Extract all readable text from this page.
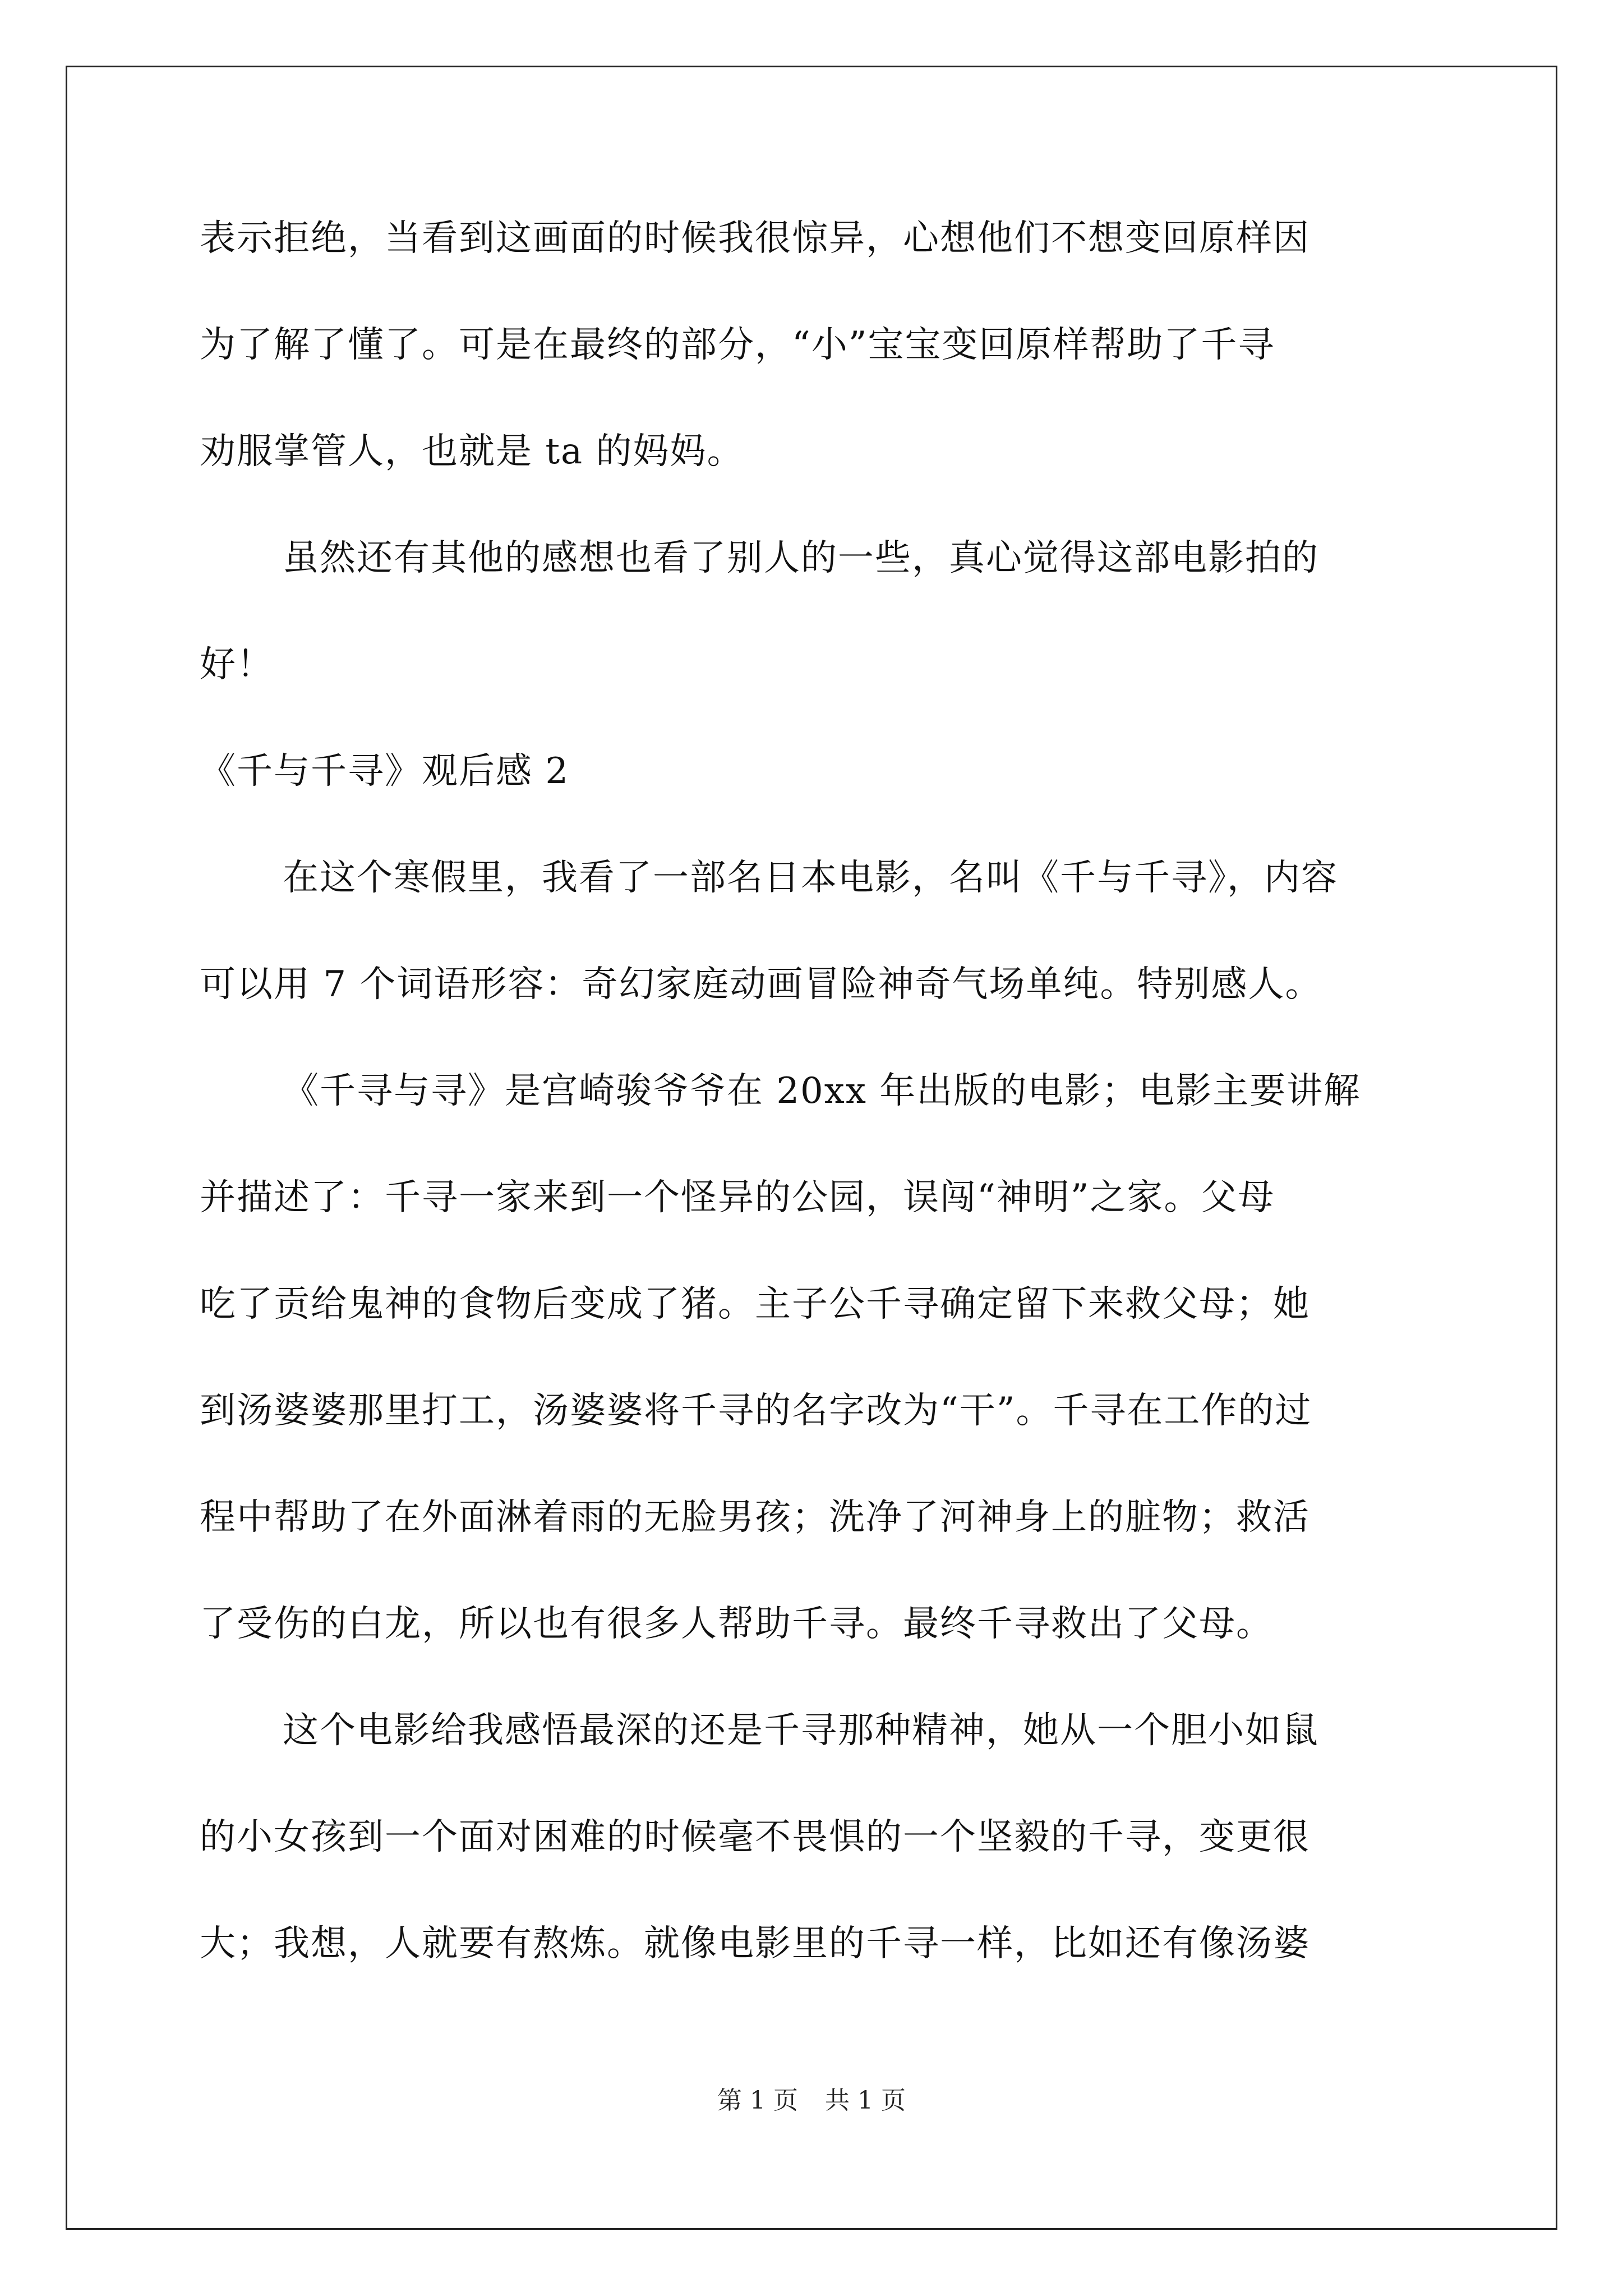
表示拒绝，当看到这画面的时候我很惊异，心想他们不想变回原样因
为了解了懂了。可是在最终的部分，“小”宝宝变回原样帮助了千寻
劝服掌管人，也就是 ta 的妈妈。
虽然还有其他的感想也看了别人的一些，真心觉得这部电影拍的
好！
《千与千寻》观后感 2
在这个寒假里，我看了一部名日本电影，名叫《千与千寻》，内容
可以用 7 个词语形容：奇幻家庭动画冒险神奇气场单纯。特别感人。
《千寻与寻》是宫崎骏爷爷在 20xx 年出版的电影；电影主要讲解
并描述了：千寻一家来到一个怪异的公园，误闯“神明”之家。父母
吃了贡给鬼神的食物后变成了猪。主子公千寻确定留下来救父母；她
到汤婆婆那里打工，汤婆婆将千寻的名字改为“干”。千寻在工作的过
程中帮助了在外面淋着雨的无脸男孩；洗净了河神身上的脏物；救活
了受伤的白龙，所以也有很多人帮助千寻。最终千寻救出了父母。
这个电影给我感悟最深的还是千寻那种精神，她从一个胆小如鼠
的小女孩到一个面对困难的时候毫不畏惧的一个坚毅的千寻，变更很
大；我想，人就要有熬炼。就像电影里的千寻一样，比如还有像汤婆
第 1 页 共 1 页
